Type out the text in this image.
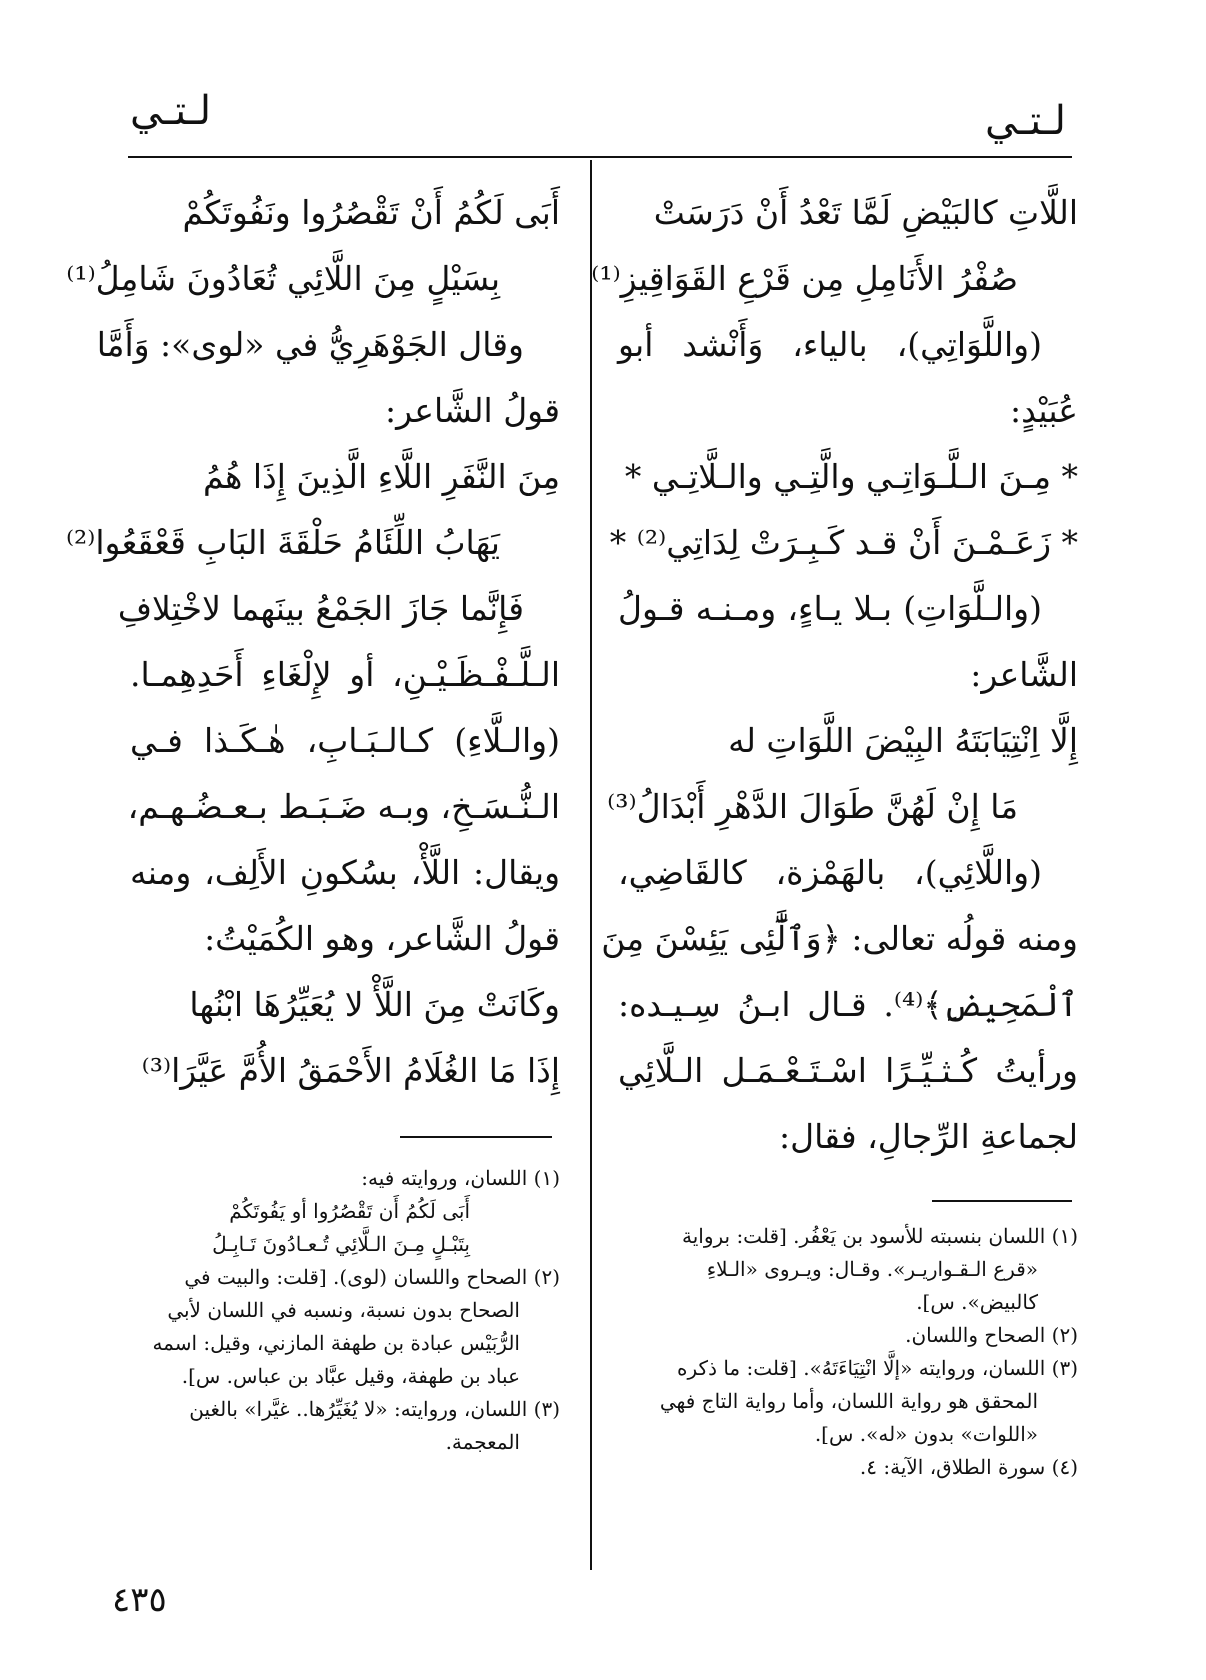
لـتـي	لـتـي
اللَّاتِ كالبَيْضِ لَمَّا تَعْدُ أَنْ دَرَسَتْ
صُفْرُ الأَنَامِلِ مِن قَرْعِ القَوَاقِيزِ⁽¹⁾
(واللَّوَاتِي)، بالياء، وَأَنْشد أبو
عُبَيْدٍ:
* مِـنَ الـلَّـوَاتِـي والَّتِـي والـلَّاتِـي *
* زَعَـمْـنَ أَنْ قـد كَـبِـرَتْ لِدَاتِي⁽²⁾ *
(والـلَّوَاتِ) بـلا يـاءٍ، ومـنـه قـولُ
الشَّاعر:
إِلَّا اِنْتِيَابَتَهُ البِيْضَ اللَّوَاتِ له
مَا إِنْ لَهُنَّ طَوَالَ الدَّهْرِ أَبْدَالُ⁽³⁾
(واللَّائِي)، بالهَمْزة، كالقَاضِي،
ومنه قولُه تعالى: ﴿وَٱلَّٰٓئِى يَئِسْنَ مِنَ
ٱلْمَحِيضِ﴾⁽⁴⁾. قـال ابـنُ سِـيـده:
ورأيتُ كُـثـيِّـرًا اسْـتَـعْـمَـل الـلَّائِي
لجماعةِ الرِّجالِ، فقال:
(١) اللسان بنسبته للأسود بن يَعْفُر. [قلت: برواية
«قرع الـقـواريـر». وقـال: ويـروى «الـلاءِ
كالبيض». س].
(٢) الصحاح واللسان.
(٣) اللسان، وروايته «إلَّا انْتِيَاءَتَهُ». [قلت: ما ذكره
المحقق هو رواية اللسان، وأما رواية التاج فهي
«اللوات» بدون «له». س].
(٤) سورة الطلاق، الآية: ٤.
أَبَى لَكُمُ أَنْ تَقْصُرُوا ونَفُوتَكُمْ
بِسَيْلٍ مِنَ اللَّائِي تُعَادُونَ شَامِلُ⁽¹⁾
وقال الجَوْهَرِيُّ في «لوى»: وَأَمَّا
قولُ الشَّاعر:
مِنَ النَّفَرِ اللَّاءِ الَّذِينَ إِذَا هُمُ
يَهَابُ اللِّئَامُ حَلْقَةَ البَابِ قَعْقَعُوا⁽²⁾
فَإِنَّما جَازَ الجَمْعُ بينَهما لاخْتِلافِ
الـلَّـفْـظَـيْـنِ، أو لإِلْغَاءِ أَحَدِهِمـا.
(والـلَّاءِ) كـالـبَـابِ، هٰـكَـذا فـي
الـنُّـسَـخِ، وبـه ضَـبَـط بـعـضُـهـم،
ويقال: اللَّأْ، بسُكونِ الأَلِف، ومنه
قولُ الشَّاعر، وهو الكُمَيْتُ:
وكَانَتْ مِنَ اللَّأْ لا يُعَيِّرُهَا ابْنُها
إِذَا مَا الغُلَامُ الأَحْمَقُ الأُمَّ عَيَّرَا⁽³⁾
(١) اللسان، وروايته فيه:
أَبَى لَكُمُ أَن تَقْصُرُوا أو يَفُوتَكُمْ
بِتَبْـلٍ مِـنَ الـلَّائِي تُـعـادُونَ تَـابِـلُ
(٢) الصحاح واللسان (لوى). [قلت: والبيت في
الصحاح بدون نسبة، ونسبه في اللسان لأبي
الرُّبَيْس عبادة بن طهفة المازني، وقيل: اسمه
عباد بن طهفة، وقيل عبَّاد بن عباس. س].
(٣) اللسان، وروايته: «لا يُغَيِّرُها.. غيَّرا» بالغين
المعجمة.
٤٣٥
